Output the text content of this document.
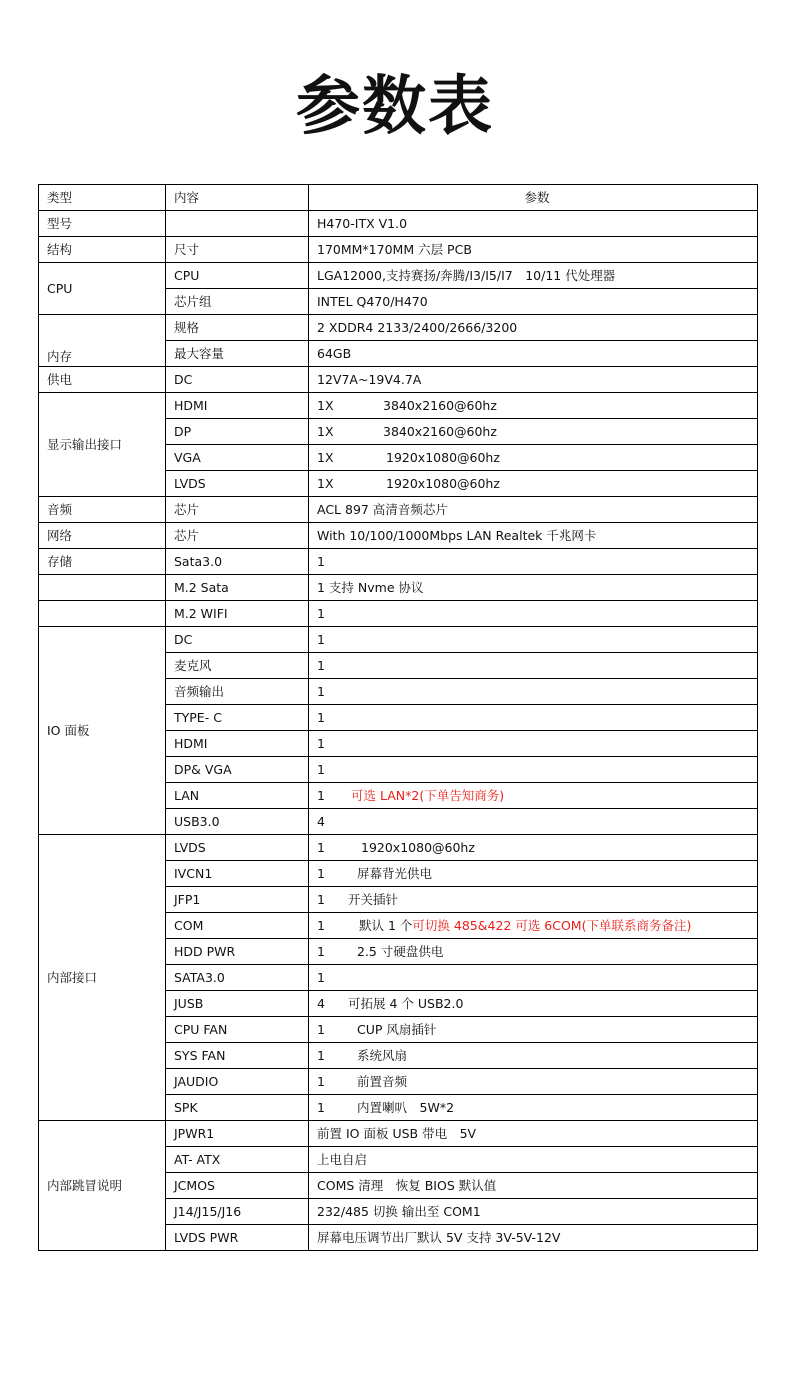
参数表
类型	内容	参数
型号		H470-ITX V1.0
结构	尺寸	170MM*170MM 六层 PCB
CPU	CPU	LGA12000,支持赛扬/奔腾/I3/I5/I7　10/11 代处理器
	芯片组	INTEL Q470/H470
内存	规格	2 XDDR4 2133/2400/2666/3200
	最大容量	64GB
供电	DC	12V7A~19V4.7A
显示输出接口	HDMI	1X 3840x2160@60hz
	DP	1X 3840x2160@60hz
	VGA	1X 1920x1080@60hz
	LVDS	1X 1920x1080@60hz
音频	芯片	ACL 897 高清音频芯片
网络	芯片	With 10/100/1000Mbps LAN Realtek 千兆网卡
存储	Sata3.0	1
	M.2 Sata	1 支持 Nvme 协议
	M.2 WIFI	1
IO 面板	DC	1
	麦克风	1
	音频输出	1
	TYPE- C	1
	HDMI	1
	DP& VGA	1
	LAN	1 可选 LAN*2(下单告知商务)
	USB3.0	4
内部接口	LVDS	1 1920x1080@60hz
	IVCN1	1 屏幕背光供电
	JFP1	1 开关插针
	COM	1 默认 1 个可切换 485&422 可选 6COM(下单联系商务备注)
	HDD PWR	1 2.5 寸硬盘供电
	SATA3.0	1
	JUSB	4 可拓展 4 个 USB2.0
	CPU FAN	1 CUP 风扇插针
	SYS FAN	1 系统风扇
	JAUDIO	1 前置音频
	SPK	1 内置喇叭　5W*2
内部跳冒说明	JPWR1	前置 IO 面板 USB 带电　5V
	AT- ATX	上电自启
	JCMOS	COMS 清理　恢复 BIOS 默认值
	J14/J15/J16	232/485 切换 输出至 COM1
	LVDS PWR	屏幕电压调节出厂默认 5V 支持 3V-5V-12V
